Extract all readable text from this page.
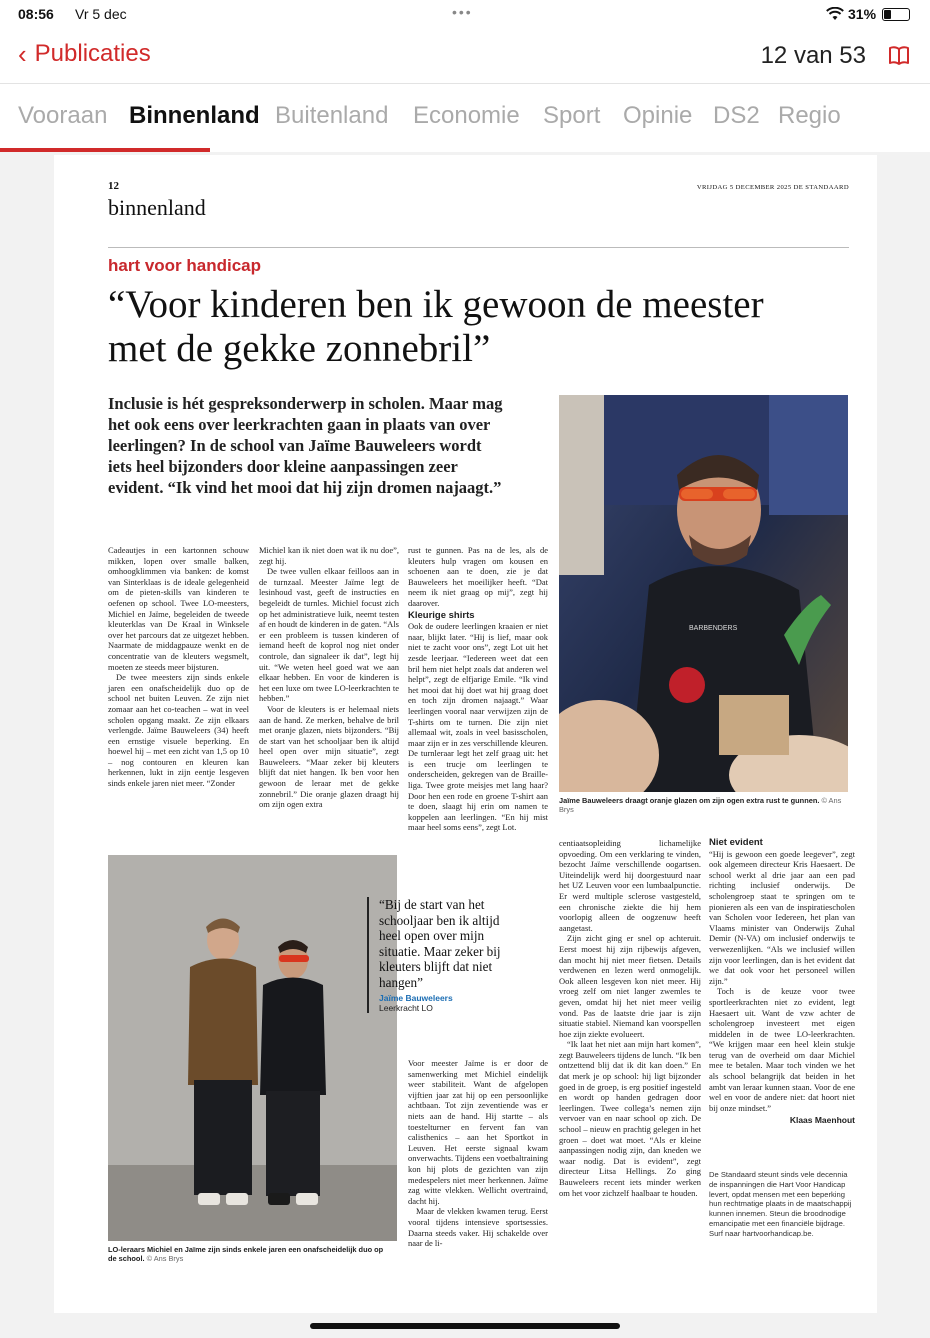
08:56 Vr 5 dec	•••	31%
‹ Publicaties	12 van 53
Vooraan Binnenland Buitenland Economie Sport Opinie DS2 Regio
12	VRIJDAG 5 DECEMBER 2025 DE STANDAARD
binnenland
hart voor handicap
“Voor kinderen ben ik gewoon de meester met de gekke zonnebril”

Inclusie is hét gespreksonderwerp in scholen. Maar mag het ook eens over leerkrachten gaan in plaats van over leerlingen? In de school van Jaïme Bauweleers wordt iets heel bijzonders door kleine aanpassingen zeer evident. “Ik vind het mooi dat hij zijn dromen najaagt.”

Cadeautjes in een kartonnen schouw mikken, lopen over smalle balken, omhoogklimmen via banken: de komst van Sinterklaas is de ideale gelegenheid om de pieten-skills van kinderen te oefenen op school. Twee LO-meesters, Michiel en Jaïme, begeleiden de tweede kleuterklas van De Kraal in Winksele over het parcours dat ze uitgezet hebben. Naarmate de middagpauze wenkt en de concentratie van de kleuters wegsmelt, moeten ze steeds meer bijsturen.

De twee meesters zijn sinds enkele jaren een onafscheidelijk duo op de school net buiten Leuven. Ze zijn niet zomaar aan het co-teachen – wat in veel scholen opgang maakt. Ze zijn elkaars verlengde. Jaïme Bauweleers (34) heeft een ernstige visuele beperking. En hoewel hij – met een zicht van 1,5 op 10 – nog contouren en kleuren kan herkennen, lukt in zijn eentje lesgeven sinds enkele jaren niet meer. “Zonder

Michiel kan ik niet doen wat ik nu doe”, zegt hij.

De twee vullen elkaar feilloos aan in de turnzaal. Meester Jaïme legt de lesinhoud vast, geeft de instructies en begeleidt de turnles. Michiel focust zich op het administratieve luik, neemt testen af en houdt de kinderen in de gaten. “Als er een probleem is tussen kinderen of iemand heeft de koprol nog niet onder controle, dan signaleer ik dat”, legt hij uit. “We weten heel goed wat we aan elkaar hebben. En voor de kinderen is het een luxe om twee LO-leerkrachten te hebben.”

Voor de kleuters is er helemaal niets aan de hand. Ze merken, behalve de bril met oranje glazen, niets bijzonders. “Bij de start van het schooljaar ben ik altijd heel open over mijn situatie”, zegt Bauweleers. “Maar zeker bij kleuters blijft dat niet hangen. Ik ben voor hen gewoon de leraar met de gekke zonnebril.” Die oranje glazen draagt hij om zijn ogen extra

rust te gunnen. Pas na de les, als de kleuters hulp vragen om kousen en schoenen aan te doen, zie je dat Bauweleers het moeilijker heeft. “Dat neem ik niet graag op mij”, zegt hij daarover.

Kleurige shirts

Ook de oudere leerlingen kraaien er niet naar, blijkt later. “Hij is lief, maar ook niet te zacht voor ons”, zegt Lot uit het zesde leerjaar. “Iedereen weet dat een bril hem niet helpt zoals dat anderen wel helpt”, zegt de elfjarige Emile. “Ik vind het mooi dat hij doet wat hij graag doet en toch zijn dromen najaagt.” Waar leerlingen vooral naar verwijzen zijn de T-shirts om te turnen. Die zijn niet allemaal wit, zoals in veel basisscholen, maar zijn er in zes verschillende kleuren. De turnleraar legt het zelf graag uit: het is een trucje om leerlingen te onderscheiden, gekregen van de Braille-liga. Twee grote meisjes met lang haar? Door hen een rode en groene T-shirt aan te doen, slaagt hij erin om namen te koppelen aan leerlingen. “En hij mist maar heel soms eens”, zegt Lot.

BARBENDERS
Jaïme Bauweleers draagt oranje glazen om zijn ogen extra rust te gunnen. © Ans Brys
LO-leraars Michiel en Jaïme zijn sinds enkele jaren een onafscheidelijk duo op de school. © Ans Brys
“Bij de start van het schooljaar ben ik altijd heel open over mijn situatie. Maar zeker bij kleuters blijft dat niet hangen”
Jaïme Bauweleers
Leerkracht LO

Voor meester Jaïme is er door de samenwerking met Michiel eindelijk weer stabiliteit. Want de afgelopen vijftien jaar zat hij op een persoonlijke achtbaan. Tot zijn zeventiende was er niets aan de hand. Hij startte – als toestelturner en fervent fan van calisthenics – aan het Sportkot in Leuven. Het eerste signaal kwam onverwachts. Tijdens een voetbaltraining kon hij plots de gezichten van zijn medespelers niet meer herkennen. Jaïme zag witte vlekken. Wellicht overtraind, dacht hij.

Maar de vlekken kwamen terug. Eerst vooral tijdens intensieve sportsessies. Daarna steeds vaker. Hij schakelde over naar de li-

centiaatsopleiding lichamelijke opvoeding. Om een verklaring te vinden, bezocht Jaïme verschillende oogartsen. Uiteindelijk werd hij doorgestuurd naar het UZ Leuven voor een lumbaalpunctie. Er werd multiple sclerose vastgesteld, een chronische ziekte die hij hem voorlopig alleen de oogzenuw heeft aangetast.

Zijn zicht ging er snel op achteruit. Eerst moest hij zijn rijbewijs afgeven, dan mocht hij niet meer fietsen. Details verdwenen en lezen werd onmogelijk. Ook alleen lesgeven kon niet meer. Hij vroeg zelf om niet langer zwemles te geven, omdat hij het niet meer veilig vond. Pas de laatste drie jaar is zijn situatie stabiel. Niemand kan voorspellen hoe zijn ziekte evolueert.

“Ik laat het niet aan mijn hart komen”, zegt Bauweleers tijdens de lunch. “Ik ben ontzettend blij dat ik dit kan doen.” En dat merk je op school: hij ligt bijzonder goed in de groep, is erg positief ingesteld en wordt op handen gedragen door leerlingen. Twee collega’s nemen zijn vervoer van en naar school op zich. De school – nieuw en prachtig gelegen in het groen – doet wat moet. “Als er kleine aanpassingen nodig zijn, dan kneden we waar nodig. Dat is evident”, zegt directeur Litsa Hellings. Zo ging Bauweleers recent iets minder werken om het voor zichzelf haalbaar te houden.

Niet evident

“Hij is gewoon een goede leegever”, zegt ook algemeen directeur Kris Haesaert. De school werkt al drie jaar aan een pad richting inclusief onderwijs. De scholengroep staat te springen om te pionieren als een van de inspiratiescholen van Scholen voor Iedereen, het plan van Vlaams minister van Onderwijs Zuhal Demir (N-VA) om inclusief onderwijs te verwezenlijken. “Als we inclusief willen zijn voor leerlingen, dan is het evident dat we dat ook voor het personeel willen zijn.”

Toch is de keuze voor twee sportleerkrachten niet zo evident, legt Haesaert uit. Want de vzw achter de scholengroep investeert met eigen middelen in de twee LO-leerkrachten. “We krijgen maar een heel klein stukje terug van de overheid om daar Michiel mee te betalen. Maar toch vinden we het als school belangrijk dat beiden in het ambt van leraar kunnen staan. Voor de ene wel en voor de andere niet: dat hoort niet bij onze mindset.”

Klaas Maenhout

De Standaard steunt sinds vele decennia de inspanningen die Hart Voor Handicap levert, opdat mensen met een beperking hun rechtmatige plaats in de maatschappij kunnen innemen. Steun die broodnodige emancipatie met een financiële bijdrage. Surf naar hartvoorhandicap.be.
